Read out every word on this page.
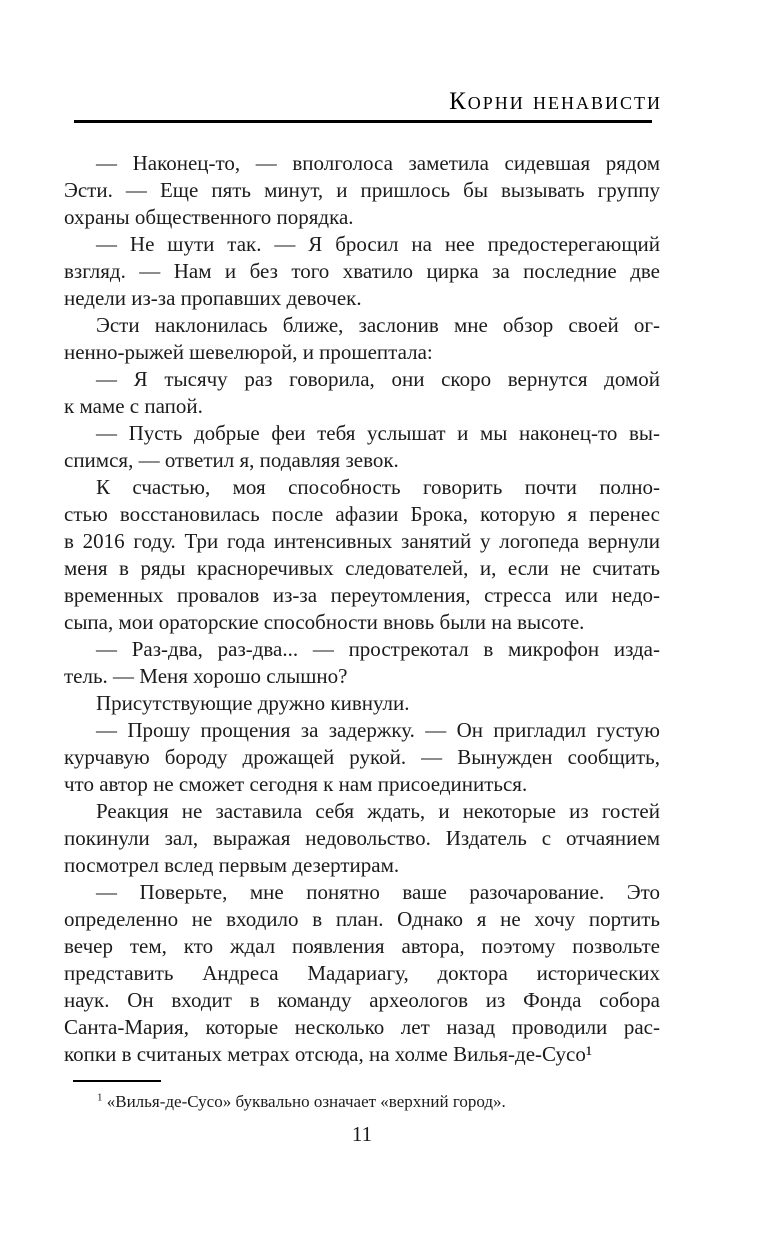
Корни ненависти
— Наконец-то, — вполголоса заметила сидевшая рядом
Эсти. — Еще пять минут, и пришлось бы вызывать группу
охраны общественного порядка.
— Не шути так. — Я бросил на нее предостерегающий
взгляд. — Нам и без того хватило цирка за последние две
недели из-за пропавших девочек.
Эсти наклонилась ближе, заслонив мне обзор своей ог-
ненно-рыжей шевелюрой, и прошептала:
— Я тысячу раз говорила, они скоро вернутся домой
к маме с папой.
— Пусть добрые феи тебя услышат и мы наконец-то вы-
спимся, — ответил я, подавляя зевок.
К счастью, моя способность говорить почти полно-
стью восстановилась после афазии Брока, которую я перенес
в 2016 году. Три года интенсивных занятий у логопеда вернули
меня в ряды красноречивых следователей, и, если не считать
временных провалов из-за переутомления, стресса или недо-
сыпа, мои ораторские способности вновь были на высоте.
— Раз-два, раз-два... — прострекотал в микрофон изда-
тель. — Меня хорошо слышно?
Присутствующие дружно кивнули.
— Прошу прощения за задержку. — Он пригладил густую
курчавую бороду дрожащей рукой. — Вынужден сообщить,
что автор не сможет сегодня к нам присоединиться.
Реакция не заставила себя ждать, и некоторые из гостей
покинули зал, выражая недовольство. Издатель с отчаянием
посмотрел вслед первым дезертирам.
— Поверьте, мне понятно ваше разочарование. Это
определенно не входило в план. Однако я не хочу портить
вечер тем, кто ждал появления автора, поэтому позвольте
представить Андреса Мадариагу, доктора исторических
наук. Он входит в команду археологов из Фонда собора
Санта-Мария, которые несколько лет назад проводили рас-
копки в считаных метрах отсюда, на холме Вилья-де-Сусо¹
$^1$ «Вилья-де-Сусо» буквально означает «верхний город».
11
